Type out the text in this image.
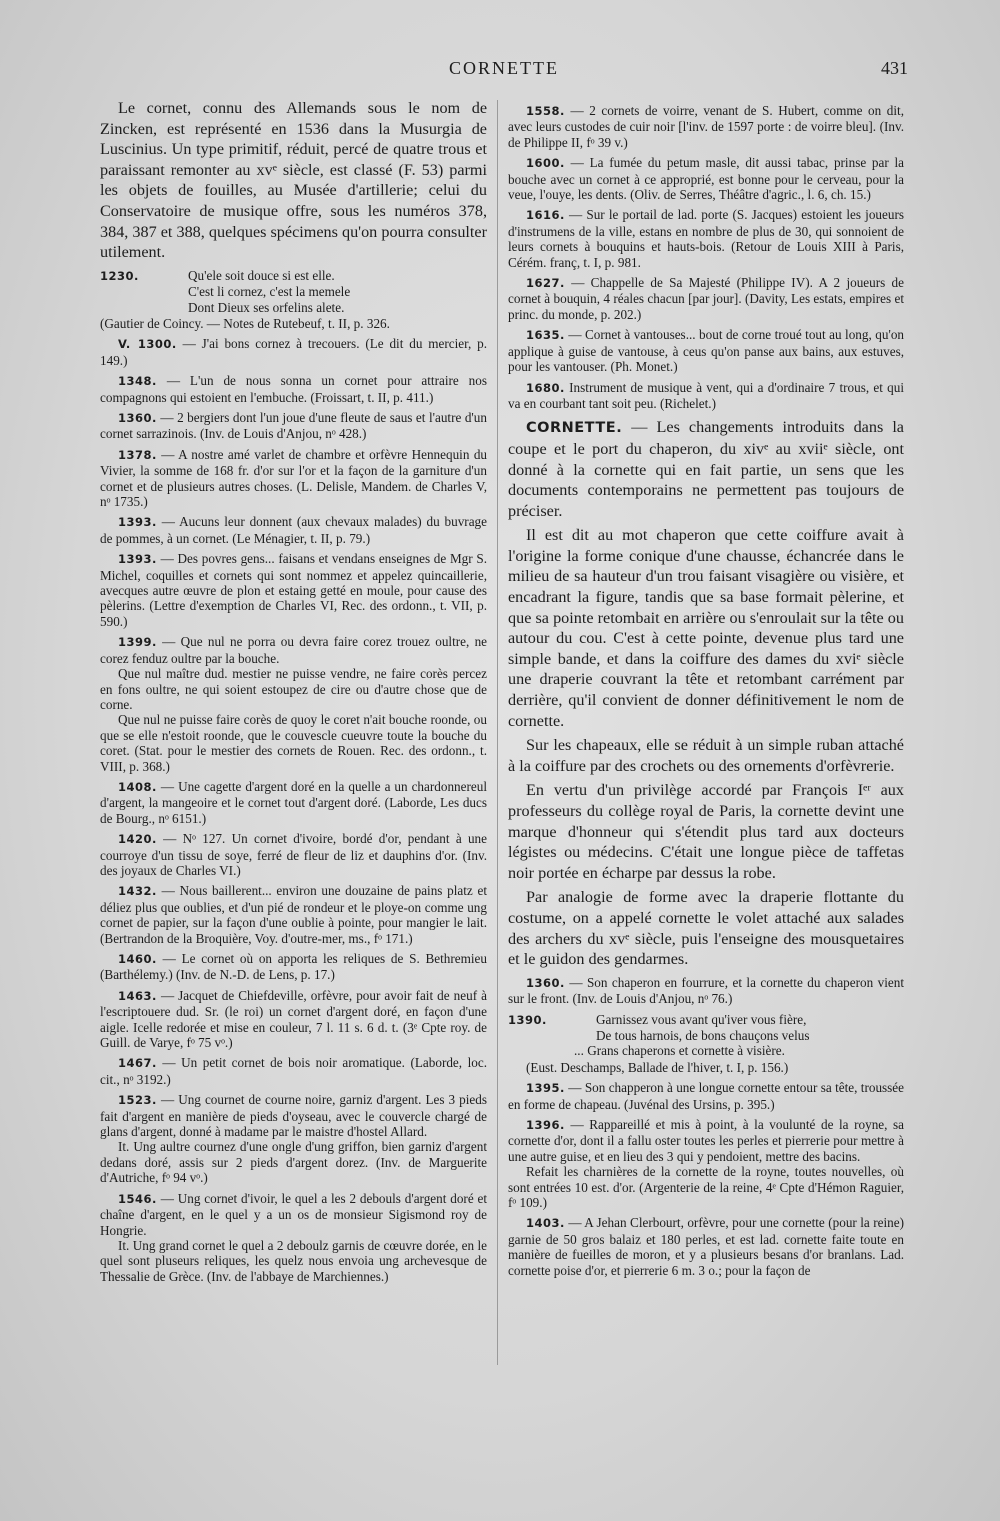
CORNETTE	431

Le cornet, connu des Allemands sous le nom de Zincken, est représenté en 1536 dans la Musurgia de Luscinius. Un type primitif, réduit, percé de quatre trous et paraissant remonter au xvᵉ siècle, est classé (F. 53) parmi les objets de fouilles, au Musée d'artillerie; celui du Conservatoire de musique offre, sous les numéros 378, 384, 387 et 388, quelques spécimens qu'on pourra consulter utilement.

1230.	Qu'ele soit douce si est elle.
C'est li cornez, c'est la memele
Dont Dieux ses orfelins alete.

(Gautier de Coincy. — Notes de Rutebeuf, t. II, p. 326.

V. 1300. — J'ai bons cornez à trecouers. (Le dit du mercier, p. 149.)

1348. — L'un de nous sonna un cornet pour attraire nos compagnons qui estoient en l'embuche. (Froissart, t. II, p. 411.)

1360. — 2 bergiers dont l'un joue d'une fleute de saus et l'autre d'un cornet sarrazinois. (Inv. de Louis d'Anjou, nᵒ 428.)

1378. — A nostre amé varlet de chambre et orfèvre Hennequin du Vivier, la somme de 168 fr. d'or sur l'or et la façon de la garniture d'un cornet et de plusieurs autres choses. (L. Delisle, Mandem. de Charles V, nᵒ 1735.)

1393. — Aucuns leur donnent (aux chevaux malades) du buvrage de pommes, à un cornet. (Le Ménagier, t. II, p. 79.)

1393. — Des povres gens... faisans et vendans enseignes de Mgr S. Michel, coquilles et cornets qui sont nommez et appelez quincaillerie, avecques autre œuvre de plon et estaing getté en moule, pour cause des pèlerins. (Lettre d'exemption de Charles VI, Rec. des ordonn., t. VII, p. 590.)

1399. — Que nul ne porra ou devra faire corez trouez oultre, ne corez fenduz oultre par la bouche.

Que nul maître dud. mestier ne puisse vendre, ne faire corès percez en fons oultre, ne qui soient estoupez de cire ou d'autre chose que de corne.

Que nul ne puisse faire corès de quoy le coret n'ait bouche roonde, ou que se elle n'estoit roonde, que le couvescle cueuvre toute la bouche du coret. (Stat. pour le mestier des cornets de Rouen. Rec. des ordonn., t. VIII, p. 368.)

1408. — Une cagette d'argent doré en la quelle a un chardonnereul d'argent, la mangeoire et le cornet tout d'argent doré. (Laborde, Les ducs de Bourg., nᵒ 6151.)

1420. — Nᵒ 127. Un cornet d'ivoire, bordé d'or, pendant à une courroye d'un tissu de soye, ferré de fleur de liz et dauphins d'or. (Inv. des joyaux de Charles VI.)

1432. — Nous baillerent... environ une douzaine de pains platz et déliez plus que oublies, et d'un pié de rondeur et le ploye-on comme ung cornet de papier, sur la façon d'une oublie à pointe, pour mangier le lait. (Bertrandon de la Broquière, Voy. d'outre-mer, ms., fᵒ 171.)

1460. — Le cornet où on apporta les reliques de S. Bethremieu (Barthélemy.) (Inv. de N.-D. de Lens, p. 17.)

1463. — Jacquet de Chiefdeville, orfèvre, pour avoir fait de neuf à l'escriptouere dud. Sr. (le roi) un cornet d'argent doré, en façon d'une aigle. Icelle redorée et mise en couleur, 7 l. 11 s. 6 d. t. (3ᵉ Cpte roy. de Guill. de Varye, fᵒ 75 vᵒ.)

1467. — Un petit cornet de bois noir aromatique. (Laborde, loc. cit., nᵒ 3192.)

1523. — Ung cournet de courne noire, garniz d'argent. Les 3 pieds fait d'argent en manière de pieds d'oyseau, avec le couvercle chargé de glans d'argent, donné à madame par le maistre d'hostel Allard.

It. Ung aultre cournez d'une ongle d'ung griffon, bien garniz d'argent dedans doré, assis sur 2 pieds d'argent dorez. (Inv. de Marguerite d'Autriche, fᵒ 94 vᵒ.)

1546. — Ung cornet d'ivoir, le quel a les 2 debouls d'argent doré et chaîne d'argent, en le quel y a un os de monsieur Sigismond roy de Hongrie.

It. Ung grand cornet le quel a 2 deboulz garnis de cœuvre dorée, en le quel sont pluseurs reliques, les quelz nous envoia ung archevesque de Thessalie de Grèce. (Inv. de l'abbaye de Marchiennes.)

1558. — 2 cornets de voirre, venant de S. Hubert, comme on dit, avec leurs custodes de cuir noir [l'inv. de 1597 porte : de voirre bleu]. (Inv. de Philippe II, fᵒ 39 v.)

1600. — La fumée du petum masle, dit aussi tabac, prinse par la bouche avec un cornet à ce approprié, est bonne pour le cerveau, pour la veue, l'ouye, les dents. (Oliv. de Serres, Théâtre d'agric., l. 6, ch. 15.)

1616. — Sur le portail de lad. porte (S. Jacques) estoient les joueurs d'instrumens de la ville, estans en nombre de plus de 30, qui sonnoient de leurs cornets à bouquins et hauts-bois. (Retour de Louis XIII à Paris, Cérém. franç, t. I, p. 981.

1627. — Chappelle de Sa Majesté (Philippe IV). A 2 joueurs de cornet à bouquin, 4 réales chacun [par jour]. (Davity, Les estats, empires et princ. du monde, p. 202.)

1635. — Cornet à vantouses... bout de corne troué tout au long, qu'on applique à guise de vantouse, à ceus qu'on panse aux bains, aux estuves, pour les vantouser. (Ph. Monet.)

1680. Instrument de musique à vent, qui a d'ordinaire 7 trous, et qui va en courbant tant soit peu. (Richelet.)

CORNETTE. — Les changements introduits dans la coupe et le port du chaperon, du xivᵉ au xviiᵉ siècle, ont donné à la cornette qui en fait partie, un sens que les documents contemporains ne permettent pas toujours de préciser.

Il est dit au mot chaperon que cette coiffure avait à l'origine la forme conique d'une chausse, échancrée dans le milieu de sa hauteur d'un trou faisant visagière ou visière, et encadrant la figure, tandis que sa base formait pèlerine, et que sa pointe retombait en arrière ou s'enroulait sur la tête ou autour du cou. C'est à cette pointe, devenue plus tard une simple bande, et dans la coiffure des dames du xviᵉ siècle une draperie couvrant la tête et retombant carrément par derrière, qu'il convient de donner définitivement le nom de cornette.

Sur les chapeaux, elle se réduit à un simple ruban attaché à la coiffure par des crochets ou des ornements d'orfèvrerie.

En vertu d'un privilège accordé par François Iᵉʳ aux professeurs du collège royal de Paris, la cornette devint une marque d'honneur qui s'étendit plus tard aux docteurs légistes ou médecins. C'était une longue pièce de taffetas noir portée en écharpe par dessus la robe.

Par analogie de forme avec la draperie flottante du costume, on a appelé cornette le volet attaché aux salades des archers du xvᵉ siècle, puis l'enseigne des mousquetaires et le guidon des gendarmes.

1360. — Son chaperon en fourrure, et la cornette du chaperon vient sur le front. (Inv. de Louis d'Anjou, nᵒ 76.)

1390.	Garnissez vous avant qu'iver vous fière,
De tous harnois, de bons chauçons velus
... Grans chaperons et cornette à visière.

(Eust. Deschamps, Ballade de l'hiver, t. I, p. 156.)

1395. — Son chapperon à une longue cornette entour sa tête, troussée en forme de chapeau. (Juvénal des Ursins, p. 395.)

1396. — Rappareillé et mis à point, à la voulunté de la royne, sa cornette d'or, dont il a fallu oster toutes les perles et pierrerie pour mettre à une autre guise, et en lieu des 3 qui y pendoient, mettre des bacins.

Refait les charnières de la cornette de la royne, toutes nouvelles, où sont entrées 10 est. d'or. (Argenterie de la reine, 4ᵉ Cpte d'Hémon Raguier, fᵒ 109.)

1403. — A Jehan Clerbourt, orfèvre, pour une cornette (pour la reine) garnie de 50 gros balaiz et 180 perles, et est lad. cornette faite toute en manière de fueilles de moron, et y a plusieurs besans d'or branlans. Lad. cornette poise d'or, et pierrerie 6 m. 3 o.; pour la façon de
